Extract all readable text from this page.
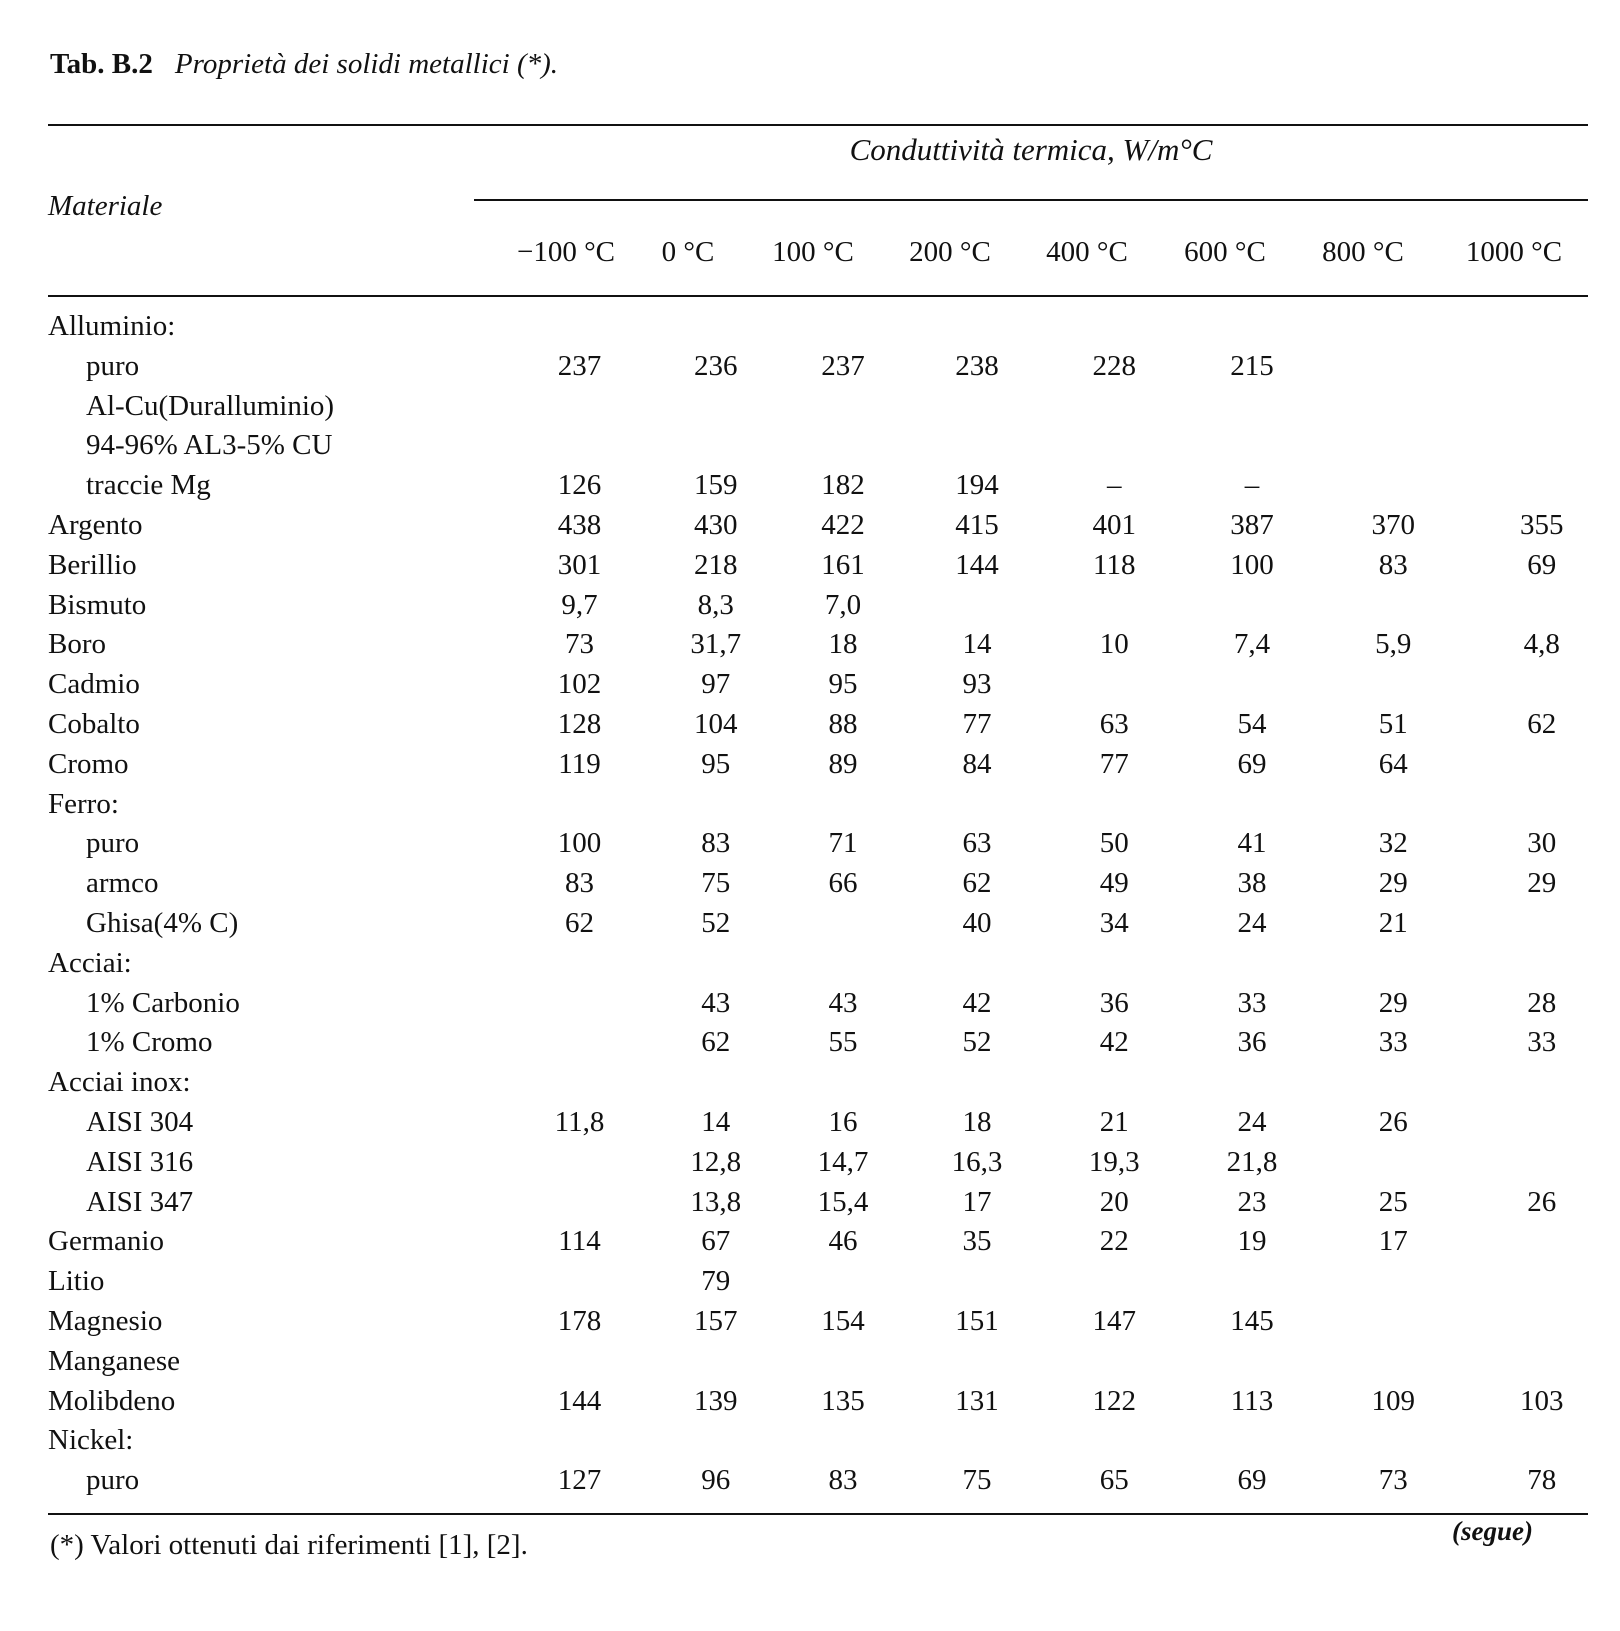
Tab. B.2 Proprietà dei solidi metallici (*).
Materiale
Conduttività termica, W/m°C
−100 °C	0 °C	100 °C	200 °C	400 °C	600 °C	800 °C	1000 °C
Alluminio:								
puro	237	236	237	238	228	215		
Al-Cu(Duralluminio)								
94-96% AL3-5% CU								
traccie Mg	126	159	182	194	–	–		
Argento	438	430	422	415	401	387	370	355
Berillio	301	218	161	144	118	100	83	69
Bismuto	9,7	8,3	7,0					
Boro	73	31,7	18	14	10	7,4	5,9	4,8
Cadmio	102	97	95	93				
Cobalto	128	104	88	77	63	54	51	62
Cromo	119	95	89	84	77	69	64	
Ferro:								
puro	100	83	71	63	50	41	32	30
armco	83	75	66	62	49	38	29	29
Ghisa(4% C)	62	52		40	34	24	21	
Acciai:								
1% Carbonio		43	43	42	36	33	29	28
1% Cromo		62	55	52	42	36	33	33
Acciai inox:								
AISI 304	11,8	14	16	18	21	24	26	
AISI 316		12,8	14,7	16,3	19,3	21,8		
AISI 347		13,8	15,4	17	20	23	25	26
Germanio	114	67	46	35	22	19	17	
Litio		79						
Magnesio	178	157	154	151	147	145		
Manganese								
Molibdeno	144	139	135	131	122	113	109	103
Nickel:								
puro	127	96	83	75	65	69	73	78
(*) Valori ottenuti dai riferimenti [1], [2].	(segue)
